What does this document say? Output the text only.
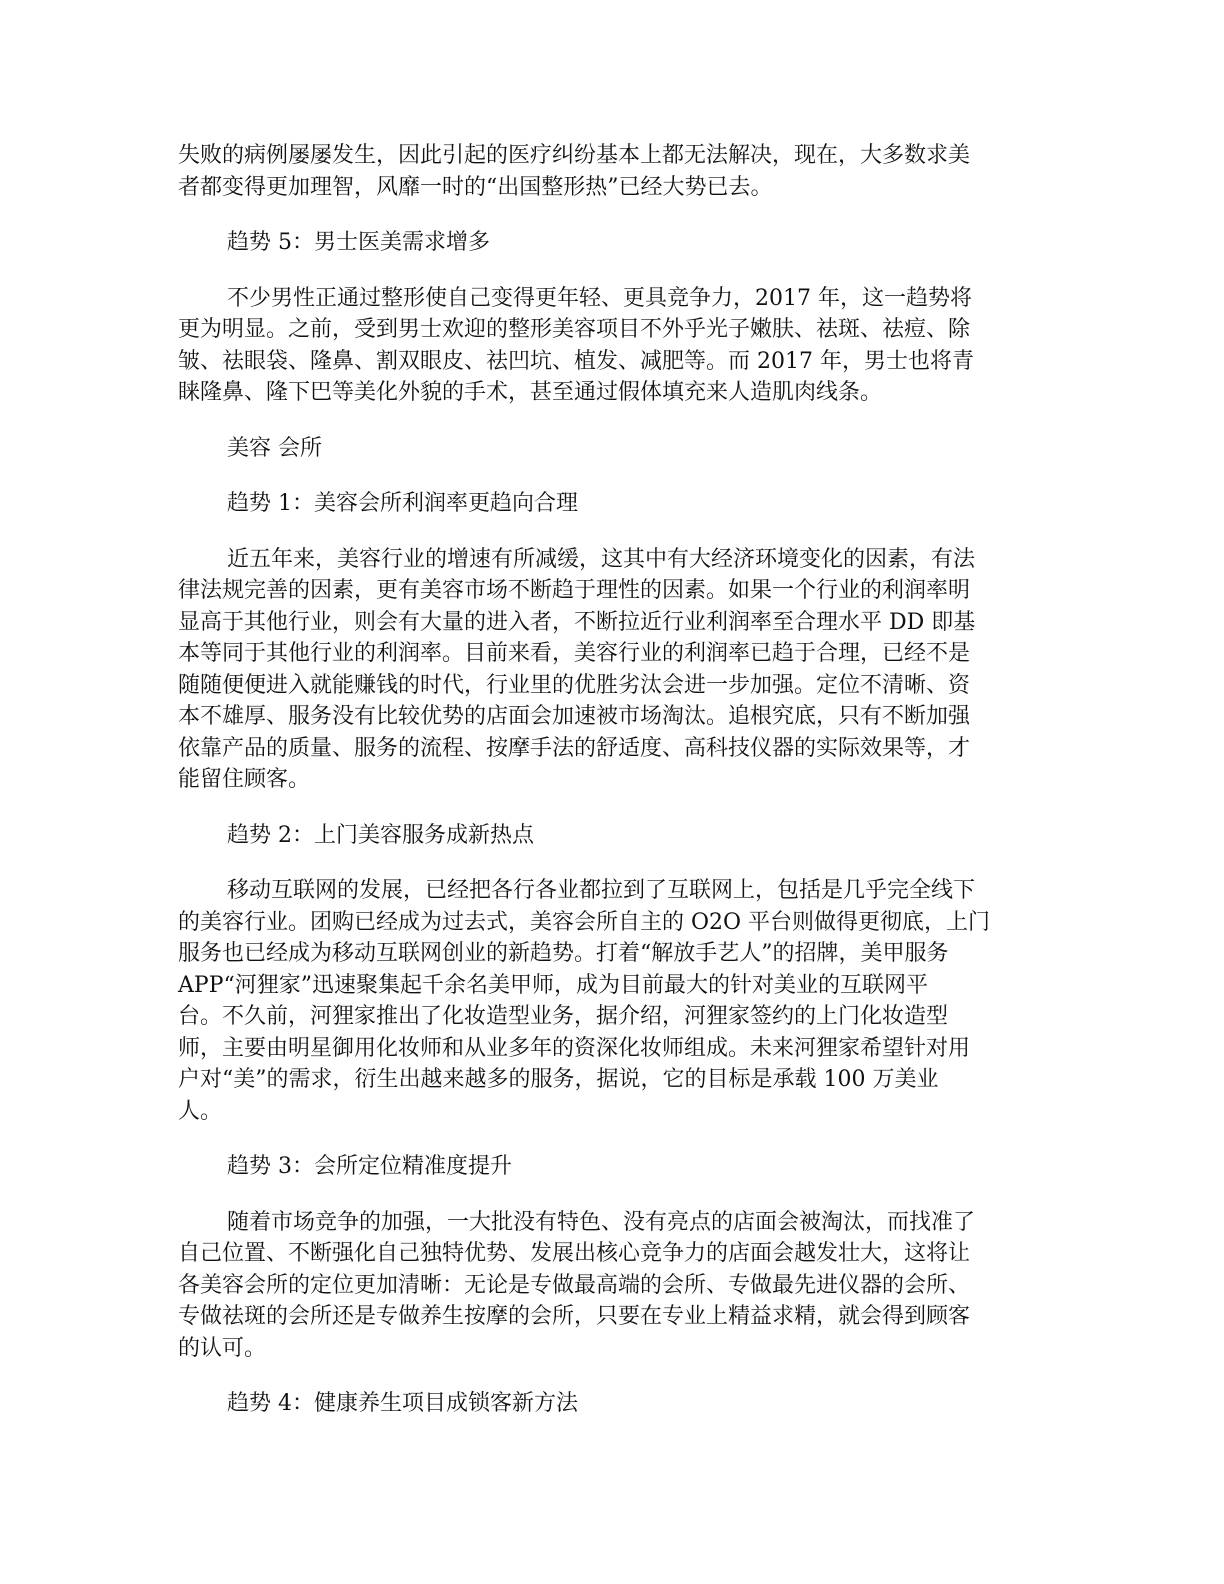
失败的病例屡屡发生，因此引起的医疗纠纷基本上都无法解决，现在，大多数求美
者都变得更加理智，风靡一时的“出国整形热”已经大势已去。
趋势 5：男士医美需求增多
不少男性正通过整形使自己变得更年轻、更具竞争力，2017 年，这一趋势将
更为明显。之前，受到男士欢迎的整形美容项目不外乎光子嫩肤、祛斑、祛痘、除
皱、祛眼袋、隆鼻、割双眼皮、祛凹坑、植发、减肥等。而 2017 年，男士也将青
睐隆鼻、隆下巴等美化外貌的手术，甚至通过假体填充来人造肌肉线条。
美容 会所
趋势 1：美容会所利润率更趋向合理
近五年来，美容行业的增速有所减缓，这其中有大经济环境变化的因素，有法
律法规完善的因素，更有美容市场不断趋于理性的因素。如果一个行业的利润率明
显高于其他行业，则会有大量的进入者，不断拉近行业利润率至合理水平 DD 即基
本等同于其他行业的利润率。目前来看，美容行业的利润率已趋于合理，已经不是
随随便便进入就能赚钱的时代，行业里的优胜劣汰会进一步加强。定位不清晰、资
本不雄厚、服务没有比较优势的店面会加速被市场淘汰。追根究底，只有不断加强
依靠产品的质量、服务的流程、按摩手法的舒适度、高科技仪器的实际效果等，才
能留住顾客。
趋势 2：上门美容服务成新热点
移动互联网的发展，已经把各行各业都拉到了互联网上，包括是几乎完全线下
的美容行业。团购已经成为过去式，美容会所自主的 O2O 平台则做得更彻底，上门
服务也已经成为移动互联网创业的新趋势。打着“解放手艺人”的招牌，美甲服务
APP“河狸家”迅速聚集起千余名美甲师，成为目前最大的针对美业的互联网平
台。不久前，河狸家推出了化妆造型业务，据介绍，河狸家签约的上门化妆造型
师，主要由明星御用化妆师和从业多年的资深化妆师组成。未来河狸家希望针对用
户对“美”的需求，衍生出越来越多的服务，据说，它的目标是承载 100 万美业
人。
趋势 3：会所定位精准度提升
随着市场竞争的加强，一大批没有特色、没有亮点的店面会被淘汰，而找准了
自己位置、不断强化自己独特优势、发展出核心竞争力的店面会越发壮大，这将让
各美容会所的定位更加清晰：无论是专做最高端的会所、专做最先进仪器的会所、
专做祛斑的会所还是专做养生按摩的会所，只要在专业上精益求精，就会得到顾客
的认可。
趋势 4：健康养生项目成锁客新方法
